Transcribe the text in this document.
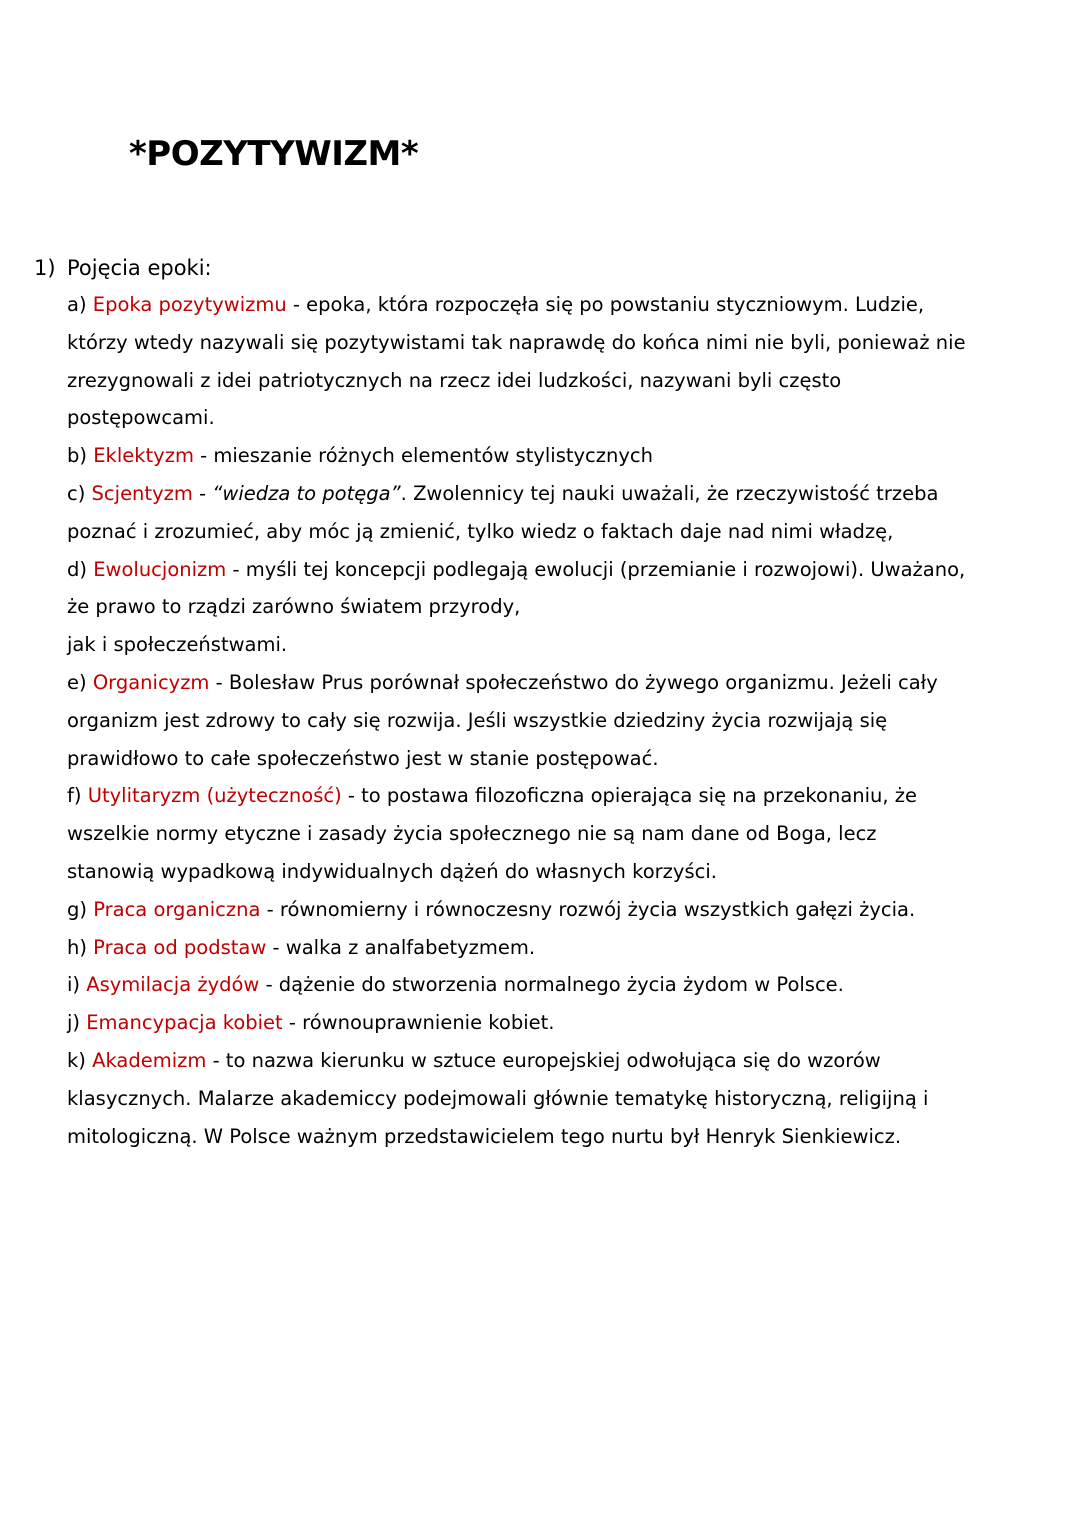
*POZYTYWIZM*
1) Pojęcia epoki:

a) Epoka pozytywizmu - epoka, która rozpoczęła się po powstaniu styczniowym. Ludzie, którzy wtedy nazywali się pozytywistami tak naprawdę do końca nimi nie byli, ponieważ nie zrezygnowali z idei patriotycznych na rzecz idei ludzkości, nazywani byli często postępowcami.

b) Eklektyzm - mieszanie różnych elementów stylistycznych

c) Scjentyzm - “wiedza to potęga”. Zwolennicy tej nauki uważali, że rzeczywistość trzeba poznać i zrozumieć, aby móc ją zmienić, tylko wiedz o faktach daje nad nimi władzę,

d) Ewolucjonizm - myśli tej koncepcji podlegają ewolucji (przemianie i rozwojowi). Uważano, że prawo to rządzi zarówno światem przyrody,
jak i społeczeństwami.

e) Organicyzm - Bolesław Prus porównał społeczeństwo do żywego organizmu. Jeżeli cały organizm jest zdrowy to cały się rozwija. Jeśli wszystkie dziedziny życia rozwijają się prawidłowo to całe społeczeństwo jest w stanie postępować.

f) Utylitaryzm (użyteczność) - to postawa filozoficzna opierająca się na przekonaniu, że wszelkie normy etyczne i zasady życia społecznego nie są nam dane od Boga, lecz stanowią wypadkową indywidualnych dążeń do własnych korzyści.

g) Praca organiczna - równomierny i równoczesny rozwój życia wszystkich gałęzi życia.

h) Praca od podstaw - walka z analfabetyzmem.

i) Asymilacja żydów - dążenie do stworzenia normalnego życia żydom w Polsce.

j) Emancypacja kobiet - równouprawnienie kobiet.

k) Akademizm - to nazwa kierunku w sztuce europejskiej odwołująca się do wzorów klasycznych. Malarze akademiccy podejmowali głównie tematykę historyczną, religijną i mitologiczną. W Polsce ważnym przedstawicielem tego nurtu był Henryk Sienkiewicz.
